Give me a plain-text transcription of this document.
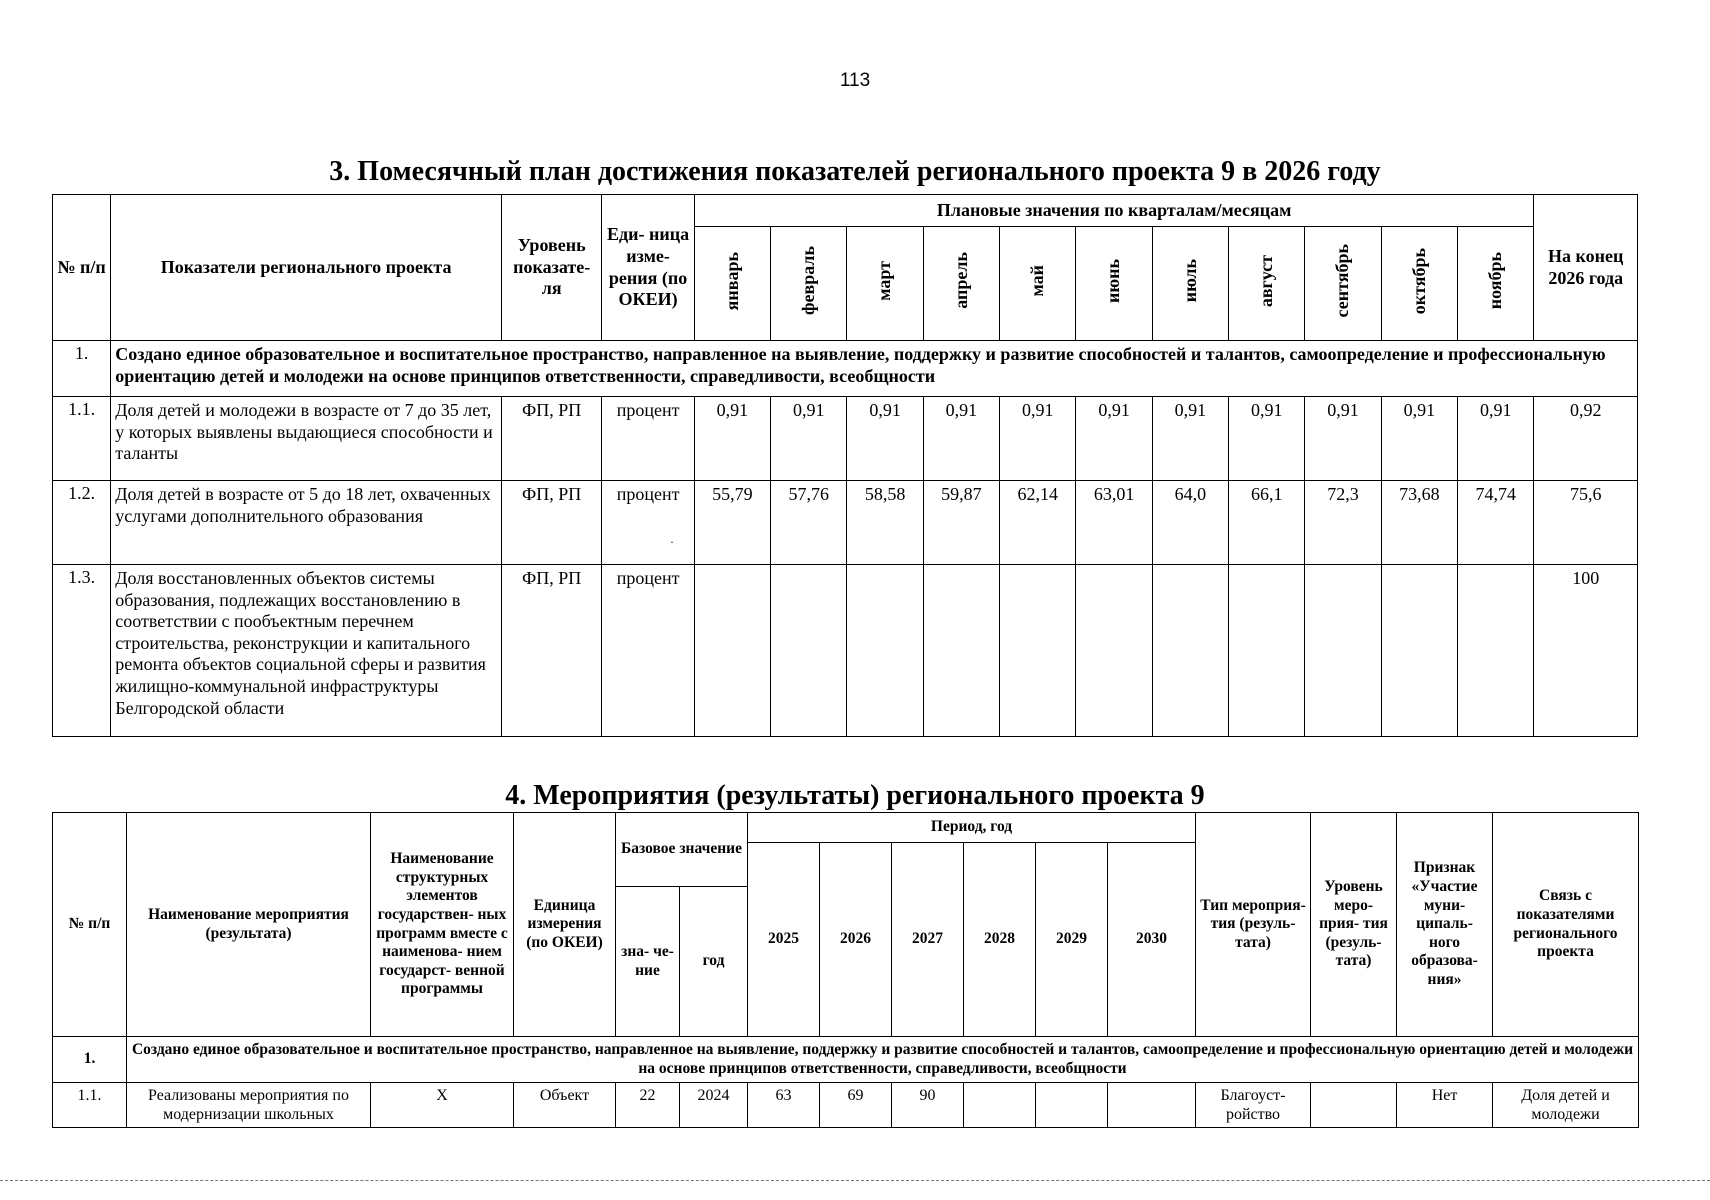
113
3. Помесячный план достижения показателей регионального проекта 9 в 2026 году
№ п/п	Показатели регионального проекта	Уровень показате- ля	Еди- ница изме- рения (по ОКЕИ)	Плановые значения по кварталам/месяцам											На конец 2026 года
				январь	февраль	март	апрель	май	июнь	июль	август	сентябрь	октябрь	ноябрь	
1.	Создано единое образовательное и воспитательное пространство, направленное на выявление, поддержку и развитие способностей и талантов, самоопределение и профессиональную ориентацию детей и молодежи на основе принципов ответственности, справедливости, всеобщности														
1.1.	Доля детей и молодежи в возрасте от 7 до 35 лет, у которых выявлены выдающиеся способности и таланты	ФП, РП	процент	0,91	0,91	0,91	0,91	0,91	0,91	0,91	0,91	0,91	0,91	0,91	0,92
1.2.	Доля детей в возрасте от 5 до 18 лет, охваченных услугами дополнительного образования	ФП, РП	процент	55,79	57,76	58,58	59,87	62,14	63,01	64,0	66,1	72,3	73,68	74,74	75,6
1.3.	Доля восстановленных объектов системы образования, подлежащих восстановлению в соответствии с пообъектным перечнем строительства, реконструкции и капитального ремонта объектов социальной сферы и развития жилищно-коммунальной инфраструктуры Белгородской области	ФП, РП	процент												100
·
4. Мероприятия (результаты) регионального проекта 9
№ п/п	Наименование мероприятия (результата)	Наименование структурных элементов государствен- ных программ вместе с наименова- нием государст- венной программы	Единица измерения (по ОКЕИ)	Базовое значение		Период, год						Тип мероприя- тия (резуль- тата)	Уровень меро- прия- тия (резуль- тата)	Признак «Участие муни- ципаль- ного образова- ния»	Связь с показателями регионального проекта
						2025	2026	2027	2028	2029	2030				
				зна- че- ние	год										
1.	Создано единое образовательное и воспитательное пространство, направленное на выявление, поддержку и развитие способностей и талантов, самоопределение и профессиональную ориентацию детей и молодежи на основе принципов ответственности, справедливости, всеобщности														
1.1.	Реализованы мероприятия по модернизации школьных	Х	Объект	22	2024	63	69	90				Благоуст- ройство		Нет	Доля детей и молодежи
